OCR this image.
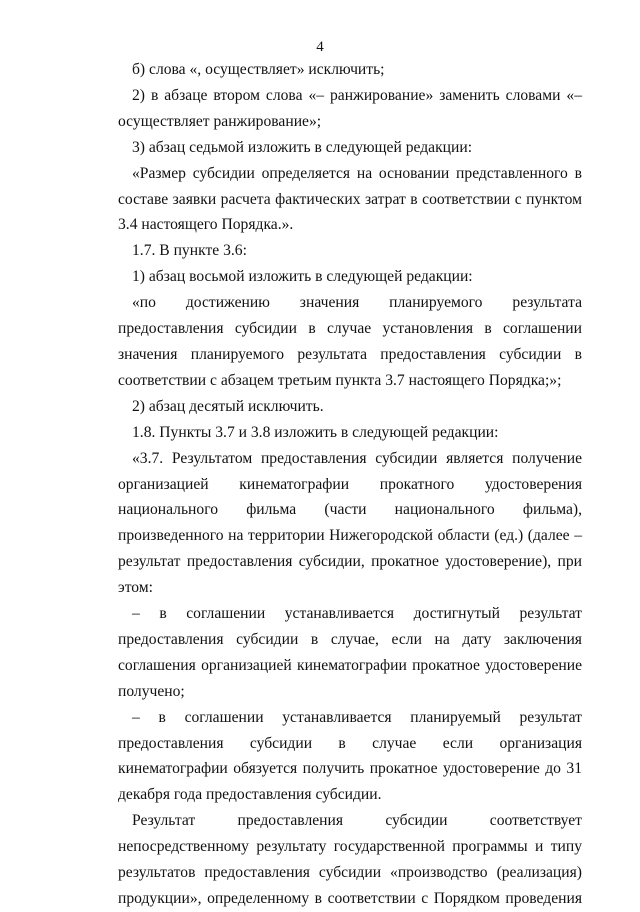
4

б) слова «, осуществляет» исключить;

2) в абзаце втором слова «– ранжирование» заменить словами «– осуществляет ранжирование»;

3) абзац седьмой изложить в следующей редакции:

«Размер субсидии определяется на основании представленного в составе заявки расчета фактических затрат в соответствии с пунктом 3.4 настоящего Порядка.».

1.7. В пункте 3.6:

1) абзац восьмой изложить в следующей редакции:

«по достижению значения планируемого результата предоставления субсидии в случае установления в соглашении значения планируемого результата предоставления субсидии в соответствии с абзацем третьим пункта 3.7 настоящего Порядка;»;

2) абзац десятый исключить.

1.8. Пункты 3.7 и 3.8 изложить в следующей редакции:

«3.7. Результатом предоставления субсидии является получение организацией кинематографии прокатного удостоверения национального фильма (части национального фильма), произведенного на территории Нижегородской области (ед.) (далее – результат предоставления субсидии, прокатное удостоверение), при этом:

– в соглашении устанавливается достигнутый результат предоставления субсидии в случае, если на дату заключения соглашения организацией кинематографии прокатное удостоверение получено;

– в соглашении устанавливается планируемый результат предоставления субсидии в случае если организация кинематографии обязуется получить прокатное удостоверение до 31 декабря года предоставления субсидии.

Результат предоставления субсидии соответствует непосредственному результату государственной программы и типу результатов предоставления субсидии «производство (реализация) продукции», определенному в соответствии с Порядком проведения
